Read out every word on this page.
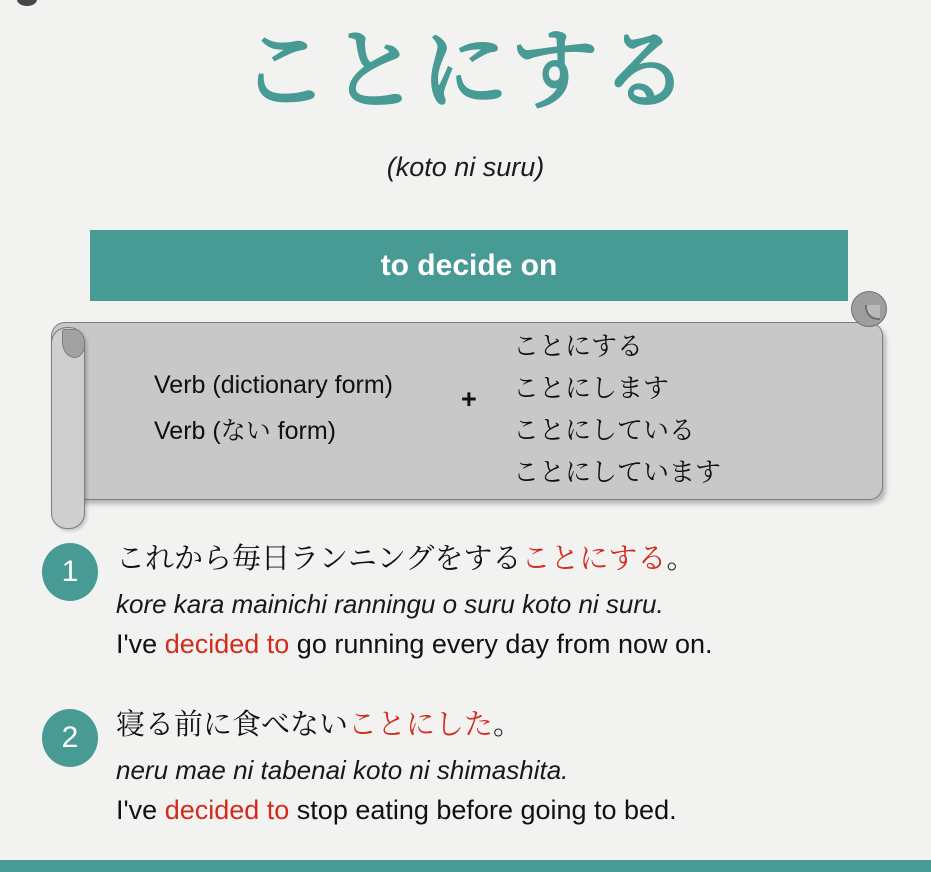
ことにする
(koto ni suru)
to decide on
Verb (dictionary form)
Verb (ない form)
+
ことにする
ことにします
ことにしている
ことにしています
1	これから毎日ランニングをすることにする。
kore kara mainichi ranningu o suru koto ni suru.
I've decided to go running every day from now on.
2	寝る前に食べないことにした。
neru mae ni tabenai koto ni shimashita.
I've decided to stop eating before going to bed.
